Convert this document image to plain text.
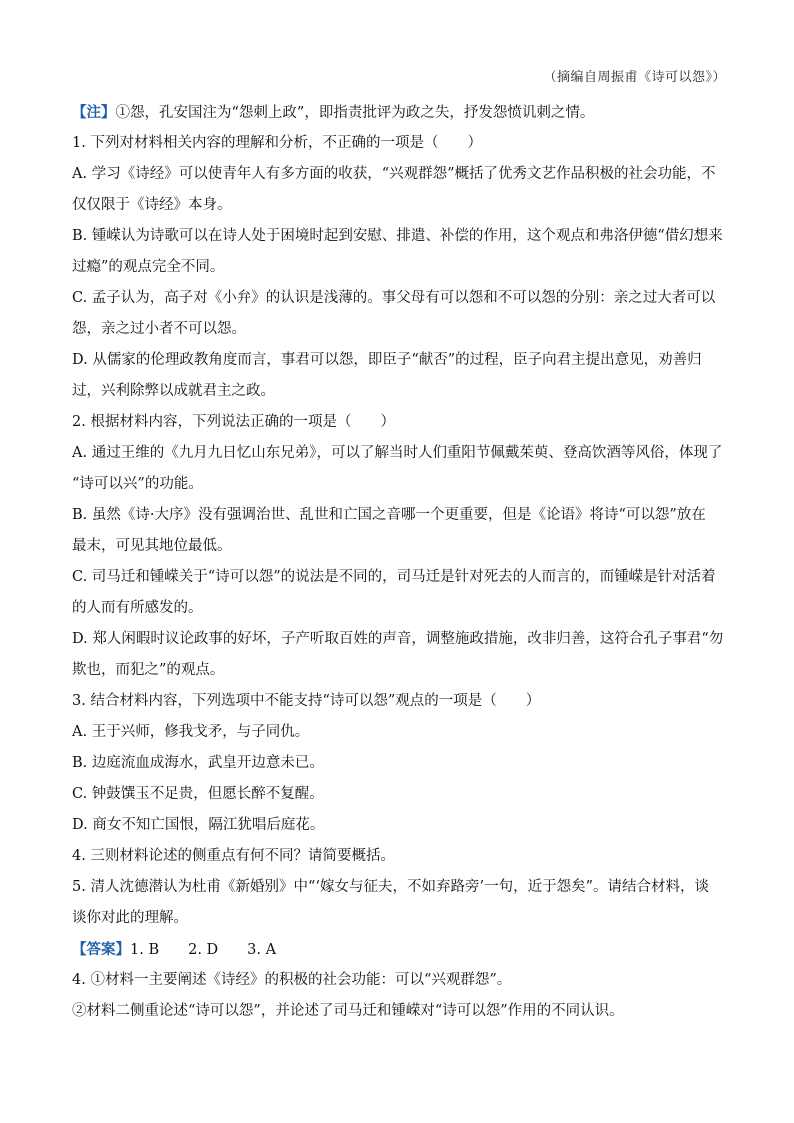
（摘编自周振甫《诗可以怨》）
【注】①怨，孔安国注为“怨刺上政”，即指责批评为政之失，抒发怨愤讥刺之情。
1. 下列对材料相关内容的理解和分析，不正确的一项是（　　）
A. 学习《诗经》可以使青年人有多方面的收获，“兴观群怨”概括了优秀文艺作品积极的社会功能，不
仅仅限于《诗经》本身。
B. 锺嵘认为诗歌可以在诗人处于困境时起到安慰、排遣、补偿的作用，这个观点和弗洛伊德“借幻想来
过瘾”的观点完全不同。
C. 孟子认为，高子对《小弁》的认识是浅薄的。事父母有可以怨和不可以怨的分别：亲之过大者可以
怨，亲之过小者不可以怨。
D. 从儒家的伦理政教角度而言，事君可以怨，即臣子“献否”的过程，臣子向君主提出意见，劝善归
过，兴利除弊以成就君主之政。
2. 根据材料内容，下列说法正确的一项是（　　）
A. 通过王维的《九月九日忆山东兄弟》，可以了解当时人们重阳节佩戴茱萸、登高饮酒等风俗，体现了
“诗可以兴”的功能。
B. 虽然《诗·大序》没有强调治世、乱世和亡国之音哪一个更重要，但是《论语》将诗“可以怨”放在
最末，可见其地位最低。
C. 司马迁和锺嵘关于“诗可以怨”的说法是不同的，司马迁是针对死去的人而言的，而锺嵘是针对活着
的人而有所感发的。
D. 郑人闲暇时议论政事的好坏，子产听取百姓的声音，调整施政措施，改非归善，这符合孔子事君“勿
欺也，而犯之”的观点。
3. 结合材料内容，下列选项中不能支持“诗可以怨”观点的一项是（　　）
A. 王于兴师，修我戈矛，与子同仇。
B. 边庭流血成海水，武皇开边意未已。
C. 钟鼓馔玉不足贵，但愿长醉不复醒。
D. 商女不知亡国恨，隔江犹唱后庭花。
4. 三则材料论述的侧重点有何不同？请简要概括。
5. 清人沈德潜认为杜甫《新婚别》中“‘嫁女与征夫，不如弃路旁’一句，近于怨矣”。请结合材料，谈
谈你对此的理解。
【答案】1. B　　2. D　　3. A
4. ①材料一主要阐述《诗经》的积极的社会功能：可以“兴观群怨”。
②材料二侧重论述“诗可以怨”，并论述了司马迁和锺嵘对“诗可以怨”作用的不同认识。
